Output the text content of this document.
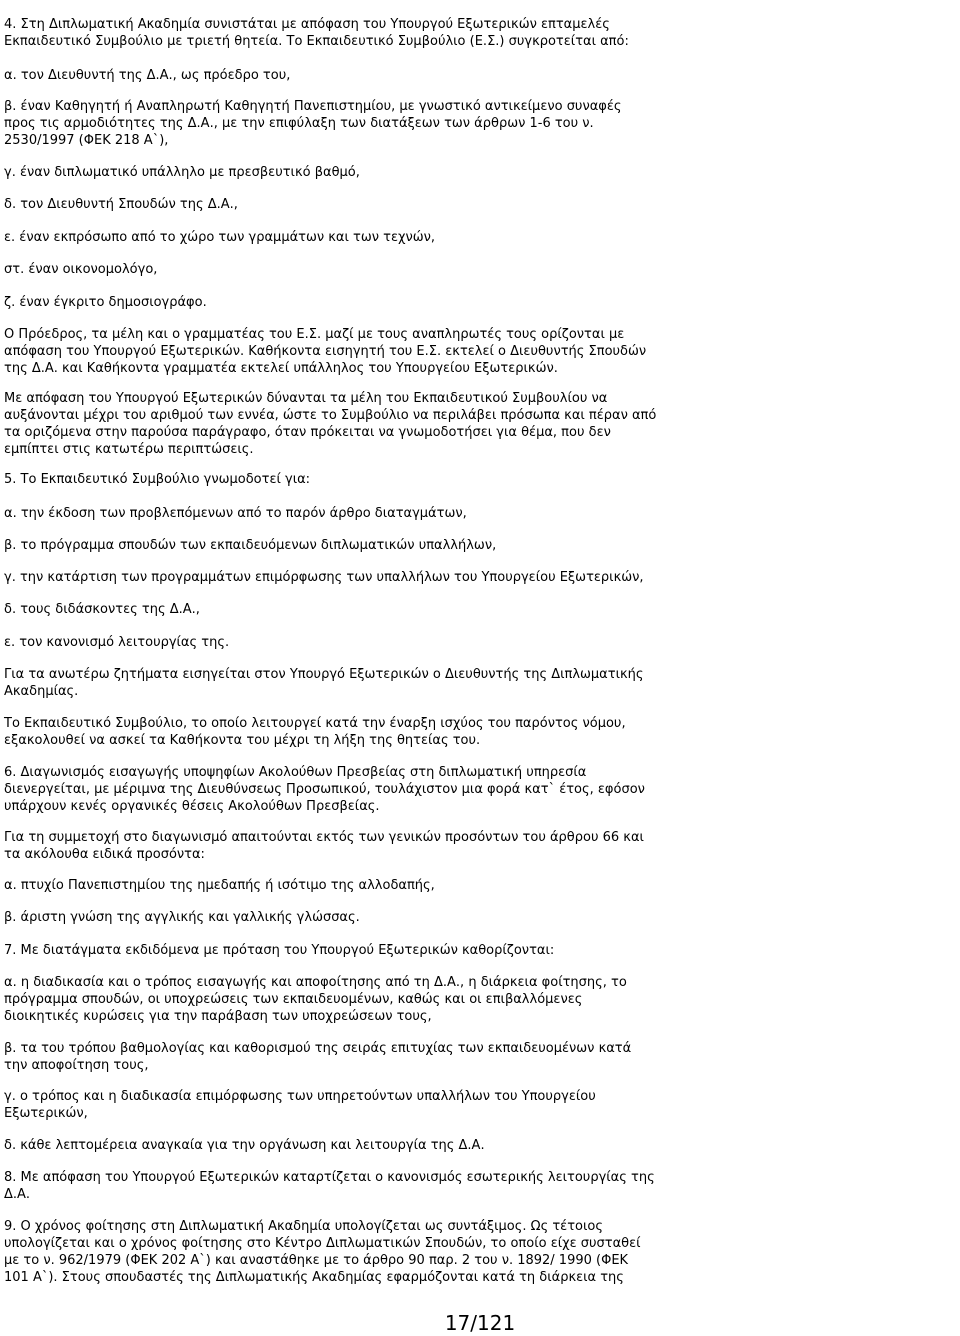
4. Στη Διπλωματική Ακαδημία συνιστάται με απόφαση του Υπουργού Εξωτερικών επταμελές
Εκπαιδευτικό Συμβούλιο με τριετή θητεία. Το Εκπαιδευτικό Συμβούλιο (Ε.Σ.) συγκροτείται από:
α. τον Διευθυντή της Δ.Α., ως πρόεδρο του,
β. έναν Καθηγητή ή Αναπληρωτή Καθηγητή Πανεπιστημίου, με γνωστικό αντικείμενο συναφές
προς τις αρμοδιότητες της Δ.Α., με την επιφύλαξη των διατάξεων των άρθρων 1-6 του ν.
2530/1997 (ΦΕΚ 218 Α`),
γ. έναν διπλωματικό υπάλληλο με πρεσβευτικό βαθμό,
δ. τον Διευθυντή Σπουδών της Δ.Α.,
ε. έναν εκπρόσωπο από το χώρο των γραμμάτων και των τεχνών,
στ. έναν οικονομολόγο,
ζ. έναν έγκριτο δημοσιογράφο.
Ο Πρόεδρος, τα μέλη και ο γραμματέας του Ε.Σ. μαζί με τους αναπληρωτές τους ορίζονται με
απόφαση του Υπουργού Εξωτερικών. Καθήκοντα εισηγητή του Ε.Σ. εκτελεί ο Διευθυντής Σπουδών
της Δ.Α. και Καθήκοντα γραμματέα εκτελεί υπάλληλος του Υπουργείου Εξωτερικών.
Με απόφαση του Υπουργού Εξωτερικών δύνανται τα μέλη του Εκπαιδευτικού Συμβουλίου να
αυξάνονται μέχρι του αριθμού των εννέα, ώστε το Συμβούλιο να περιλάβει πρόσωπα και πέραν από
τα οριζόμενα στην παρούσα παράγραφο, όταν πρόκειται να γνωμοδοτήσει για θέμα, που δεν
εμπίπτει στις κατωτέρω περιπτώσεις.
5. Το Εκπαιδευτικό Συμβούλιο γνωμοδοτεί για:
α. την έκδοση των προβλεπόμενων από το παρόν άρθρο διαταγμάτων,
β. το πρόγραμμα σπουδών των εκπαιδευόμενων διπλωματικών υπαλλήλων,
γ. την κατάρτιση των προγραμμάτων επιμόρφωσης των υπαλλήλων του Υπουργείου Εξωτερικών,
δ. τους διδάσκοντες της Δ.Α.,
ε. τον κανονισμό λειτουργίας της.
Για τα ανωτέρω ζητήματα εισηγείται στον Υπουργό Εξωτερικών ο Διευθυντής της Διπλωματικής
Ακαδημίας.
Το Εκπαιδευτικό Συμβούλιο, το οποίο λειτουργεί κατά την έναρξη ισχύος του παρόντος νόμου,
εξακολουθεί να ασκεί τα Καθήκοντα του μέχρι τη λήξη της θητείας του.
6. Διαγωνισμός εισαγωγής υποψηφίων Ακολούθων Πρεσβείας στη διπλωματική υπηρεσία
διενεργείται, με μέριμνα της Διευθύνσεως Προσωπικού, τουλάχιστον μια φορά κατ` έτος, εφόσον
υπάρχουν κενές οργανικές θέσεις Ακολούθων Πρεσβείας.
Για τη συμμετοχή στο διαγωνισμό απαιτούνται εκτός των γενικών προσόντων του άρθρου 66 και
τα ακόλουθα ειδικά προσόντα:
α. πτυχίο Πανεπιστημίου της ημεδαπής ή ισότιμο της αλλοδαπής,
β. άριστη γνώση της αγγλικής και γαλλικής γλώσσας.
7. Με διατάγματα εκδιδόμενα με πρόταση του Υπουργού Εξωτερικών καθορίζονται:
α. η διαδικασία και ο τρόπος εισαγωγής και αποφοίτησης από τη Δ.Α., η διάρκεια φοίτησης, το
πρόγραμμα σπουδών, οι υποχρεώσεις των εκπαιδευομένων, καθώς και οι επιβαλλόμενες
διοικητικές κυρώσεις για την παράβαση των υποχρεώσεων τους,
β. τα του τρόπου βαθμολογίας και καθορισμού της σειράς επιτυχίας των εκπαιδευομένων κατά
την αποφοίτηση τους,
γ. ο τρόπος και η διαδικασία επιμόρφωσης των υπηρετούντων υπαλλήλων του Υπουργείου
Εξωτερικών,
δ. κάθε λεπτομέρεια αναγκαία για την οργάνωση και λειτουργία της Δ.Α.
8. Με απόφαση του Υπουργού Εξωτερικών καταρτίζεται ο κανονισμός εσωτερικής λειτουργίας της
Δ.Α.
9. Ο χρόνος φοίτησης στη Διπλωματική Ακαδημία υπολογίζεται ως συντάξιμος. Ως τέτοιος
υπολογίζεται και ο χρόνος φοίτησης στο Κέντρο Διπλωματικών Σπουδών, το οποίο είχε συσταθεί
με το ν. 962/1979 (ΦΕΚ 202 Α`) και αναστάθηκε με το άρθρο 90 παρ. 2 του ν. 1892/ 1990 (ΦΕΚ
101 Α`). Στους σπουδαστές της Διπλωματικής Ακαδημίας εφαρμόζονται κατά τη διάρκεια της
17/121
